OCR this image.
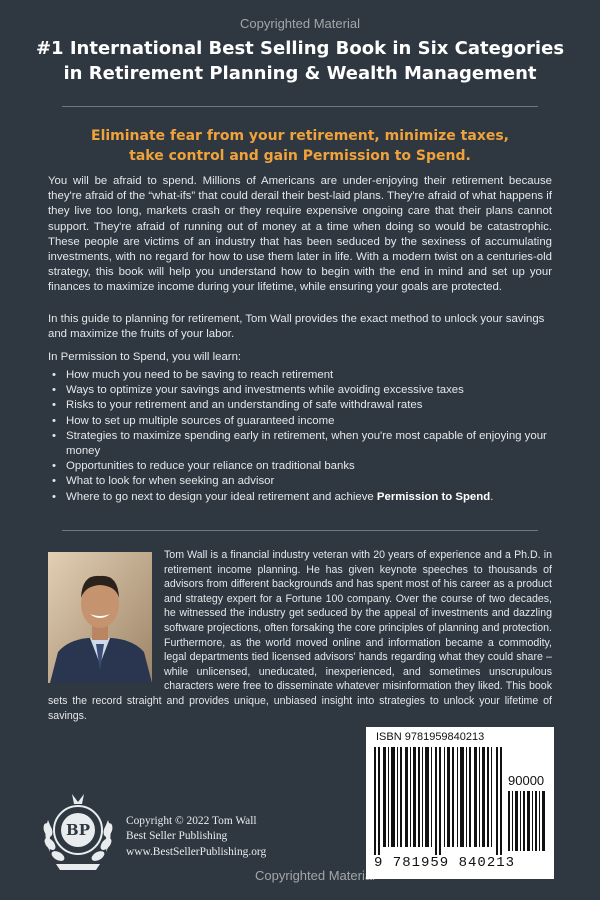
Copyrighted Material
#1 International Best Selling Book in Six Categories
in Retirement Planning & Wealth Management
Eliminate fear from your retirement, minimize taxes,
take control and gain Permission to Spend.
You will be afraid to spend. Millions of Americans are under-enjoying their retirement because they're afraid of the “what-ifs” that could derail their best-laid plans. They're afraid of what happens if they live too long, markets crash or they require expensive ongoing care that their plans cannot support. They're afraid of running out of money at a time when doing so would be catastrophic. These people are victims of an industry that has been seduced by the sexiness of accumulating investments, with no regard for how to use them later in life. With a modern twist on a centuries-old strategy, this book will help you understand how to begin with the end in mind and set up your finances to maximize income during your lifetime, while ensuring your goals are protected.
In this guide to planning for retirement, Tom Wall provides the exact method to unlock your savings and maximize the fruits of your labor.
In Permission to Spend, you will learn:
• How much you need to be saving to reach retirement
• Ways to optimize your savings and investments while avoiding excessive taxes
• Risks to your retirement and an understanding of safe withdrawal rates
• How to set up multiple sources of guaranteed income
• Strategies to maximize spending early in retirement, when you're most capable of enjoying your money
• Opportunities to reduce your reliance on traditional banks
• What to look for when seeking an advisor
• Where to go next to design your ideal retirement and achieve Permission to Spend.
Tom Wall is a financial industry veteran with 20 years of experience and a Ph.D. in retirement income planning. He has given keynote speeches to thousands of advisors from different backgrounds and has spent most of his career as a product and strategy expert for a Fortune 100 company. Over the course of two decades, he witnessed the industry get seduced by the appeal of investments and dazzling software projections, often forsaking the core principles of planning and protection. Furthermore, as the world moved online and information became a commodity, legal departments tied licensed advisors' hands regarding what they could share – while unlicensed, uneducated, inexperienced, and sometimes unscrupulous characters were free to disseminate whatever misinformation they liked. This book sets the record straight and provides unique, unbiased insight into strategies to unlock your lifetime of savings.
ISBN 9781959840213
90000
9 781959 840213
BP	Copyright © 2022 Tom Wall
Best Seller Publishing
www.BestSellerPublishing.org
Copyrighted Material
